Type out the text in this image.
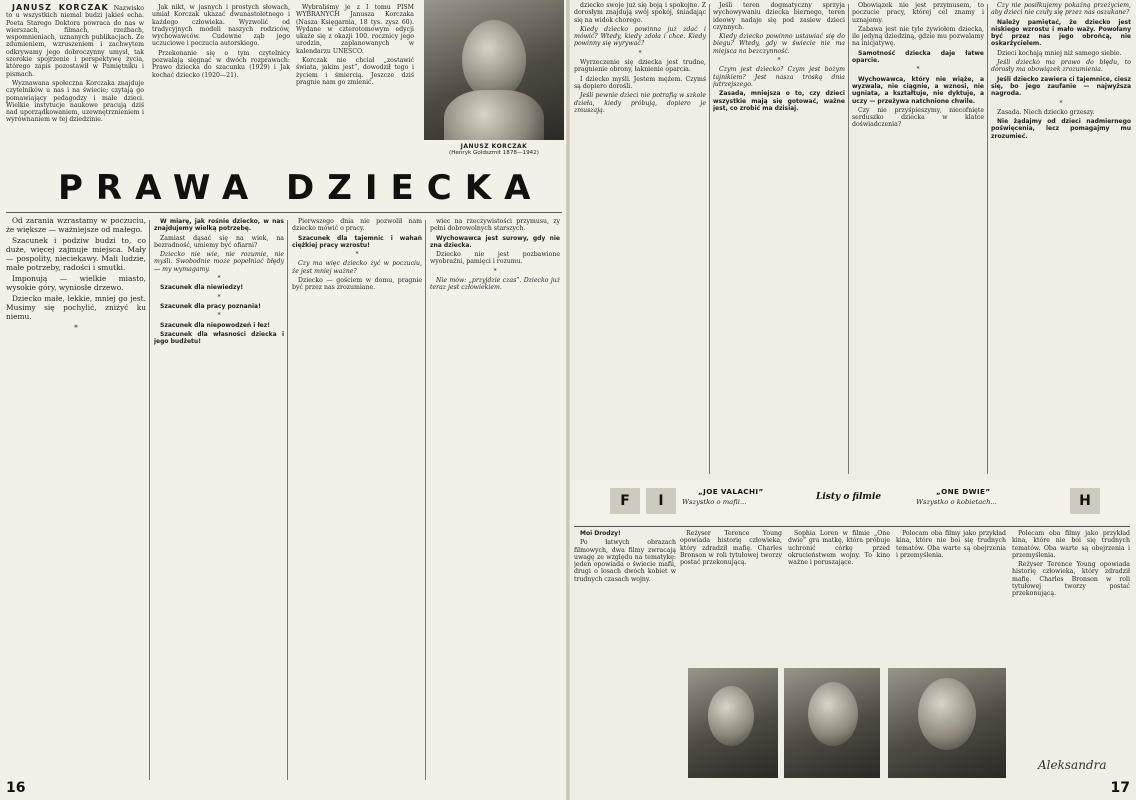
JANUSZ KORCZAK Nazwisko to u wszystkich niemal budzi jakieś echa. Poeta Starego Doktora powraca do nas w wierszach, filmach, rzeźbach, wspomnieniach, uznanych publikacjach. Ze zdumieniem, wzruszeniem i zachwytem odkrywamy jego dobroczynny umysł, tak szerokie spojrzenie i perspektywę życia, którego zapis pozostawił w Pamiętniku i pismach.

Wyznawana społeczna Korczaka znajduje czytelników u nas i na świecie; czytają go pomawiający pedagodzy i małe dzieci. Wielkie instytucje naukowe pracują dziś nad uporządkowaniem, uzewnętrznieniem i wyrównaniem w tej dziedzinie.

Jak nikt, w jasnych i prostych słowach, umiał Korczak ukazać dwunastoletnego i każdego człowieka. Wyzwolić od tradycyjnych modeli naszych rodziców, wychowawców. Cudowne ząb jego uczuciowe i poczucia autorskiego.

Przekonanie się o tym czytelnicy pozwalają sięgnąć w dwóch rozprawach: Prawo dziecka do szacunku (1929) i Jak kochać dziecko (1920—21).

Wybraliśmy je z I tomu PISM WYBRANYCH Janusza Korczaka (Nasza Księgarnia, 18 tys. zysz 60). Wydane w czterotomowym edycji ukaże się z okazji 100. rocznicy jego urodzin, zaplanowanych w kalendarzu UNESCO.

Korczak nie chciał „zostawić świata, jakim jest”, dowodził tego i życiem i śmiercią. Jeszcze dziś pragnie nam go zmienić.

JANUSZ KORCZAK
(Henryk Goldszmit 1878—1942)
PRAWA DZIECKA

Od zarania wzrastamy w poczuciu, że większe — ważniejsze od małego.

Szacunek i podziw budzi to, co duże, więcej zajmuje miejsca. Mały — pospolity, nieciekawy. Mali ludzie, małe potrzeby, radości i smutki.

Imponują — wielkie miasto, wysokie góry, wyniosłe drzewo.

Dziecko małe, lekkie, mniej go jest. Musimy się pochylić, zniżyć ku niemu.

*

W miarę, jak rośnie dziecko, w nas znajdujemy wielką potrzebę.

Zamiast dąsać się na wiek, na bezradność, umiemy być ofiarni?

Dziecko nie wie, nie rozumie, nie myśli. Swobodnie może popełniać błędy — my wymagamy.

*

Szacunek dla niewiedzy!

*

Szacunek dla pracy poznania!

*

Szacunek dla niepowodzeń i łez!

Szacunek dla własności dziecka i jego budżetu!

Pierwszego dnia nie pozwolił nam dziecko mówić o pracy.

Szacunek dla tajemnic i wahań ciężkiej pracy wzrostu!

*

Czy ma więc dziecko żyć w poczuciu, że jest mniej ważne?

Dziecko — gościem w domu, pragnie być przez nas zrozumiane.

wiec na rzeczywistości przymusu, zy pełni dobrowolnych starszych.

Wychowawca jest surowy, gdy nie zna dziecka.

Dziecko nie jest pozbawione wyobraźni, pamięci i rozumu.

*

Nie mów: „przyjdzie czas”. Dziecko już teraz jest człowiekiem.

16

dziecko swoje już się boją i spokojne. Z dorosłym znajdują swój spokój, śniadając się na widok chorego.

Kiedy dziecko powinna już zdać i mówić? Wtedy, kiedy zdoła i chce. Kiedy powinny się wyrywać?

*

Wyrzeczenie się dziecka jest trudne, pragnienie obrony, łaknienie oparcia.

I dziecko myśli. Jestem mężem. Czymś są dopiero dorośli.

Jeśli pewnie dzieci nie potrafią w szkole dzieła, kiedy próbują, dopiero je zmuszają.

Jeśli teren dogmatyczny sprzyja wychowywaniu dziecka biernego, teren ideowy nadaje się pod zasiew dzieci czynnych.

Kiedy dziecko powinno ustawiać się do biegu? Wtedy, gdy w świecie nie ma miejsca na bezczynność.

*

Czym jest dziecko? Czym jest bożym tajnikiem? Jest nasza troską dnia jutrzejszego.

Zasada, mniejsza o to, czy dzieci wszystkie mają się gotować, ważne jest, co zrobić ma dzisiaj.

Obowiązek nie jest przymusem, to poczucie pracy, której cel znamy i uznajemy.

Zabawa jest nie tyle żywiołem dziecka, ile jedyną dziedziną, gdzie mu pozwalamy na inicjatywę.

Samotność dziecka daje łatwe oparcie.

*

Wychowawca, który nie wiąże, a wyzwala, nie ciągnie, a wznosi, nie ugniata, a kształtuje, nie dyktuje, a uczy — przeżywa natchnione chwile.

Czy nie przyśpieszymy, niecofnięte serduszko dziecka w klatce doświadczenia?

Czy nie posiłkujemy pokaźną przeżyciem, aby dzieci nie czuły się przez nas oszukane?

Należy pamiętać, że dziecko jest niskiego wzrostu i mało waży. Powołany być przez nas jego obrońcą, nie oskarżycielem.

Dzieci kochają mniej niż samego siebie.

Jeśli dziecko ma prawo do błędu, to dorosły ma obowiązek zrozumienia.

Jeśli dziecko zawiera ci tajemnice, ciesz się, bo jego zaufanie — najwyższa nagroda.

*

Zasada. Niech dziecko grzeszy.

Nie żądajmy od dzieci nadmiernego poświęcenia, lecz pomagajmy mu zrozumieć.

F	I
„JOE VALACHI”
Wszystko o mafii...	Listy o filmie
„ONE DWIE”
Wszystko o kobietach...	H

Moi Drodzy!

Po łatwych obrazach filmowych, dwa filmy zwracają uwagę ze względu na tematykę: jeden opowiada o świecie mafii, drugi o losach dwóch kobiet w trudnych czasach wojny.

Reżyser Terence Young opowiada historię człowieka, który zdradził mafię. Charles Bronson w roli tytułowej tworzy postać przekonującą.

Sophia Loren w filmie „One dwie” gra matkę, która próbuje uchronić córkę przed okrucieństwem wojny. To kino ważne i poruszające.

Polecam oba filmy jako przykład kina, które nie boi się trudnych tematów. Oba warte są obejrzenia i przemyślenia.

Polecam oba filmy jako przykład kina, które nie boi się trudnych tematów. Oba warte są obejrzenia i przemyślenia.

Reżyser Terence Young opowiada historię człowieka, który zdradził mafię. Charles Bronson w roli tytułowej tworzy postać przekonującą.

Aleksandra
17
